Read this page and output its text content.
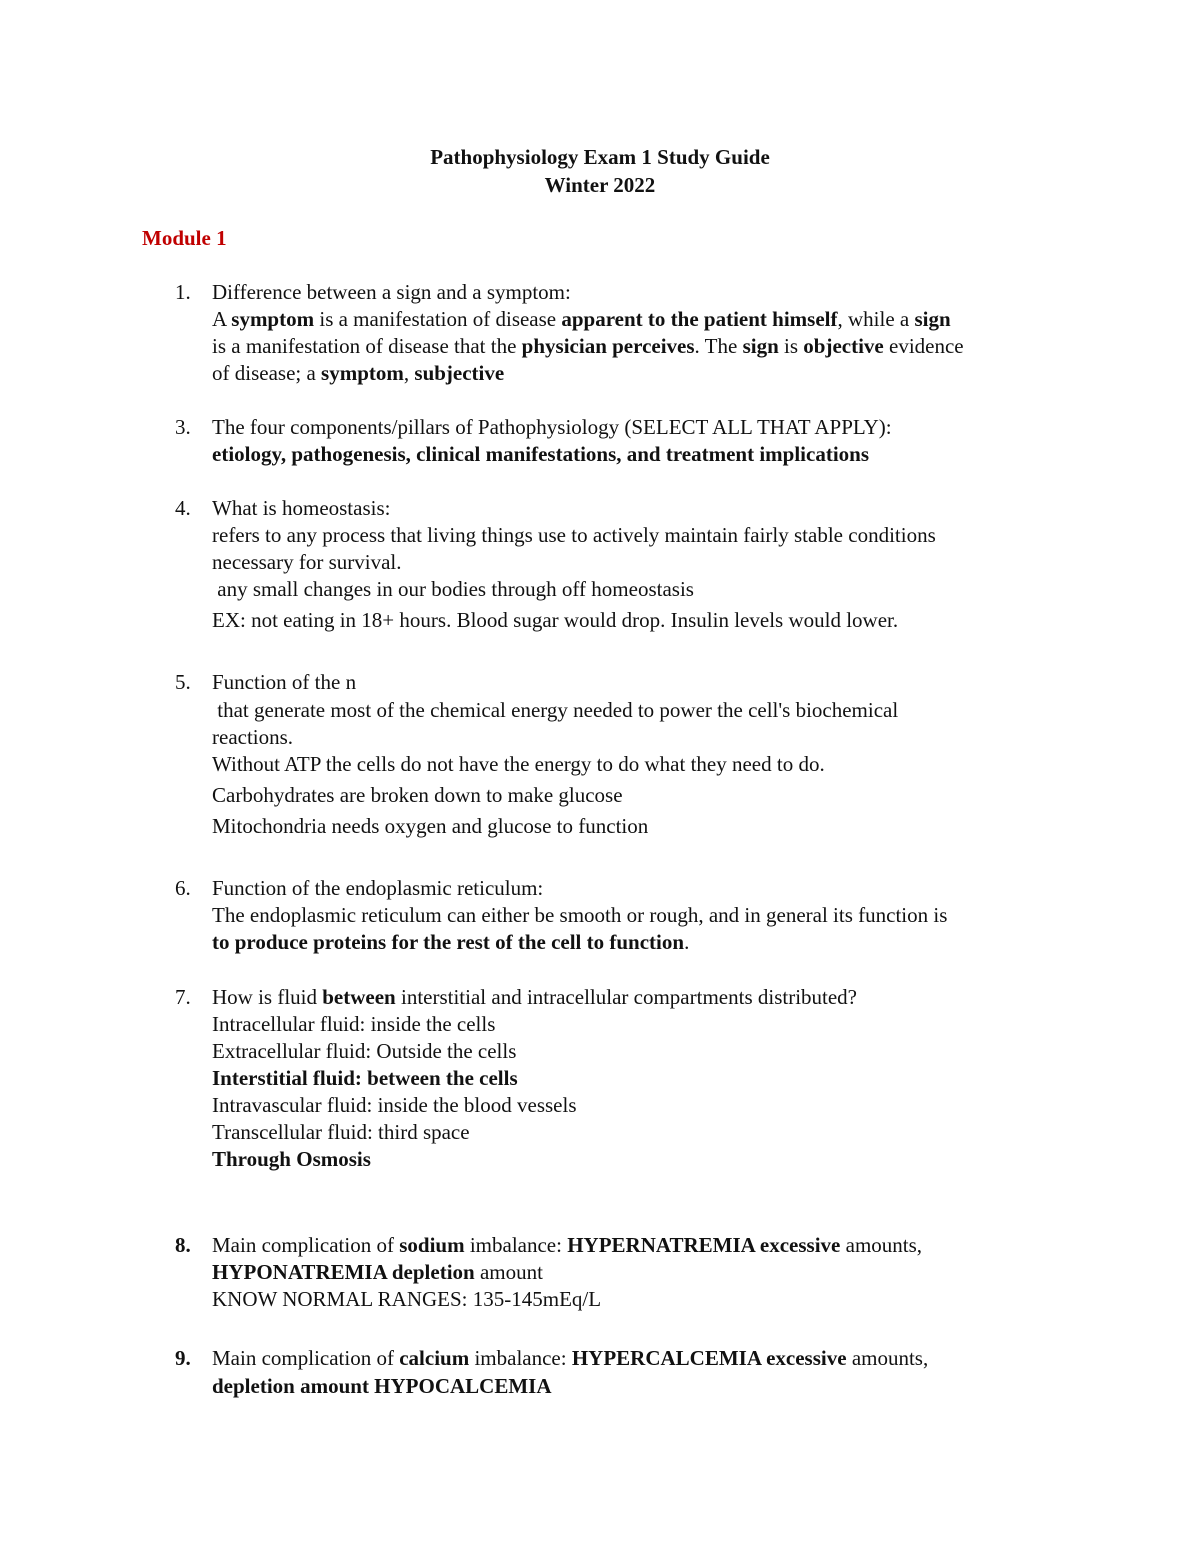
Pathophysiology Exam 1 Study Guide
Winter 2022
Module 1
1. Difference between a sign and a symptom:
A symptom is a manifestation of disease apparent to the patient himself, while a sign
is a manifestation of disease that the physician perceives. The sign is objective evidence
of disease; a symptom, subjective
3. The four components/pillars of Pathophysiology (SELECT ALL THAT APPLY):
etiology, pathogenesis, clinical manifestations, and treatment implications
4. What is homeostasis:
refers to any process that living things use to actively maintain fairly stable conditions
necessary for survival.
any small changes in our bodies through off homeostasis
EX: not eating in 18+ hours. Blood sugar would drop. Insulin levels would lower.
5. Function of the n
that generate most of the chemical energy needed to power the cell's biochemical
reactions.
Without ATP the cells do not have the energy to do what they need to do.
Carbohydrates are broken down to make glucose
Mitochondria needs oxygen and glucose to function
6. Function of the endoplasmic reticulum:
The endoplasmic reticulum can either be smooth or rough, and in general its function is
to produce proteins for the rest of the cell to function.
7. How is fluid between interstitial and intracellular compartments distributed?
Intracellular fluid: inside the cells
Extracellular fluid: Outside the cells
Interstitial fluid: between the cells
Intravascular fluid: inside the blood vessels
Transcellular fluid: third space
Through Osmosis
8. Main complication of sodium imbalance: HYPERNATREMIA excessive amounts,
HYPONATREMIA depletion amount
KNOW NORMAL RANGES: 135-145mEq/L
9. Main complication of calcium imbalance: HYPERCALCEMIA excessive amounts,
depletion amount HYPOCALCEMIA
